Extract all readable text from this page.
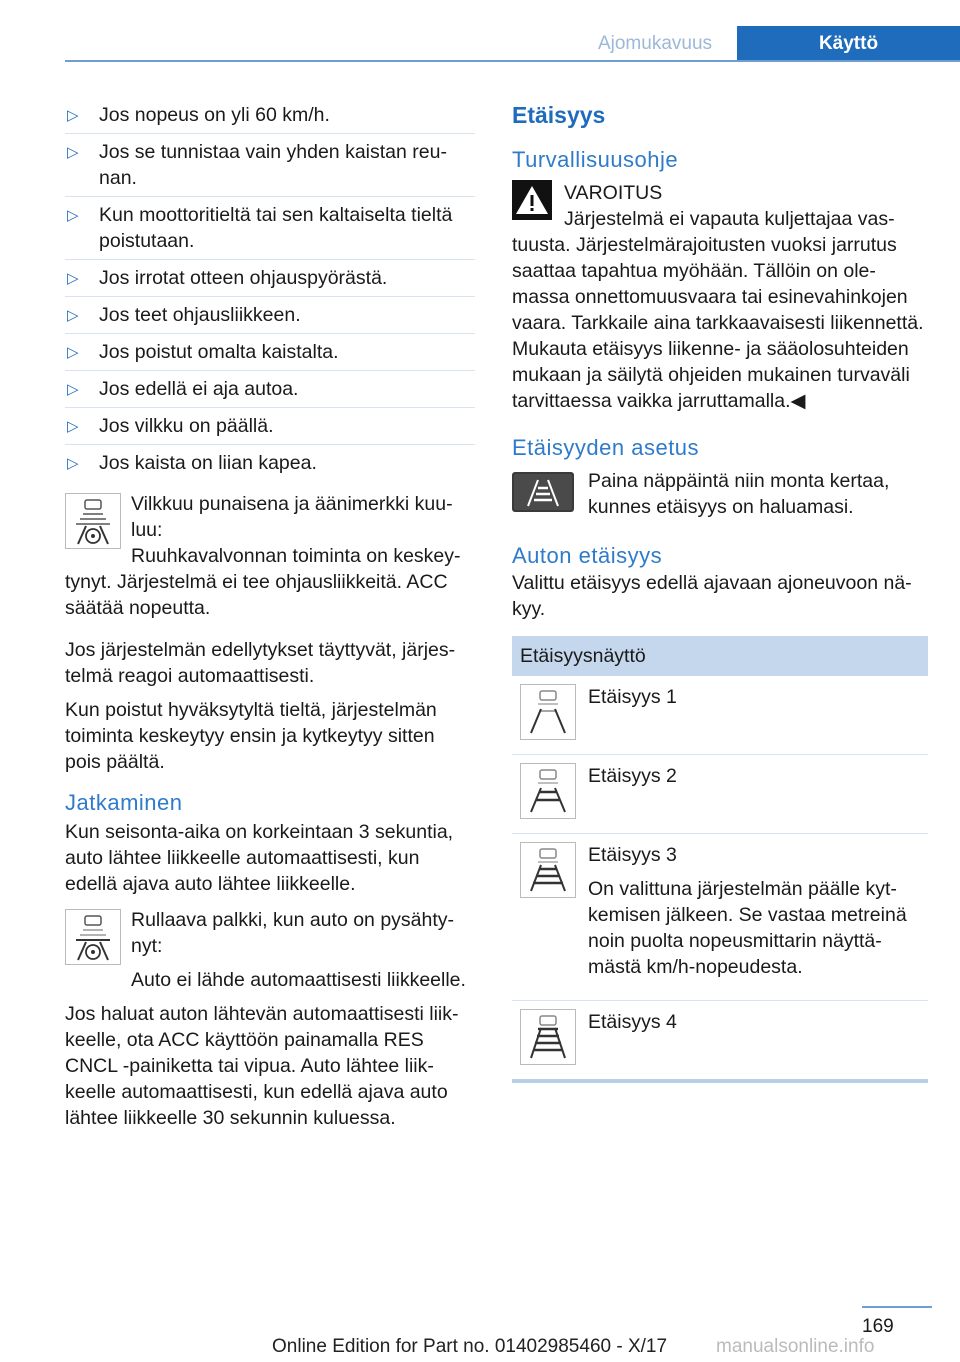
Ajomukavuus	Käyttö
▷ Jos nopeus on yli 60 km/h.
▷ Jos se tunnistaa vain yhden kaistan reu- nan.
▷ Kun moottoritieltä tai sen kaltaiselta tieltä poistutaan.
▷ Jos irrotat otteen ohjauspyörästä.
▷ Jos teet ohjausliikkeen.
▷ Jos poistut omalta kaistalta.
▷ Jos edellä ei aja autoa.
▷ Jos vilkku on päällä.
▷ Jos kaista on liian kapea.

Vilkkuu punaisena ja äänimerkki kuu- luu:

Ruuhkavalvonnan toiminta on keskey- tynyt. Järjestelmä ei tee ohjausliikkeitä. ACC säätää nopeutta.

Jos järjestelmän edellytykset täyttyvät, järjes- telmä reagoi automaattisesti.

Kun poistut hyväksytyltä tieltä, järjestelmän toiminta keskeytyy ensin ja kytkeytyy sitten pois päältä.

Jatkaminen

Kun seisonta-aika on korkeintaan 3 sekuntia, auto lähtee liikkeelle automaattisesti, kun edellä ajava auto lähtee liikkeelle.

Rullaava palkki, kun auto on pysähty- nyt:

Auto ei lähde automaattisesti liikkeelle.

Jos haluat auton lähtevän automaattisesti liik- keelle, ota ACC käyttöön painamalla RES CNCL -painiketta tai vipua. Auto lähtee liik- keelle automaattisesti, kun edellä ajava auto lähtee liikkeelle 30 sekunnin kuluessa.

Etäisyys
Turvallisuusohje
VAROITUS

Järjestelmä ei vapauta kuljettajaa vas- tuusta. Järjestelmärajoitusten vuoksi jarrutus saattaa tapahtua myöhään. Tällöin on ole- massa onnettomuusvaara tai esinevahinkojen vaara. Tarkkaile aina tarkkaavaisesti liikennettä. Mukauta etäisyys liikenne- ja sääolosuhteiden mukaan ja säilytä ohjeiden mukainen turvaväli tarvittaessa vaikka jarruttamalla.◀

Etäisyyden asetus

Paina näppäintä niin monta kertaa, kunnes etäisyys on haluamasi.

Auton etäisyys

Valittu etäisyys edellä ajavaan ajoneuvoon nä- kyy.

Etäisyysnäyttö

Etäisyys 1

Etäisyys 2

Etäisyys 3

On valittuna järjestelmän päälle kyt- kemisen jälkeen. Se vastaa metreinä noin puolta nopeusmittarin näyttä- mästä km/h-nopeudesta.

Etäisyys 4

169
Online Edition for Part no. 01402985460 - X/17	manualsonline.info
